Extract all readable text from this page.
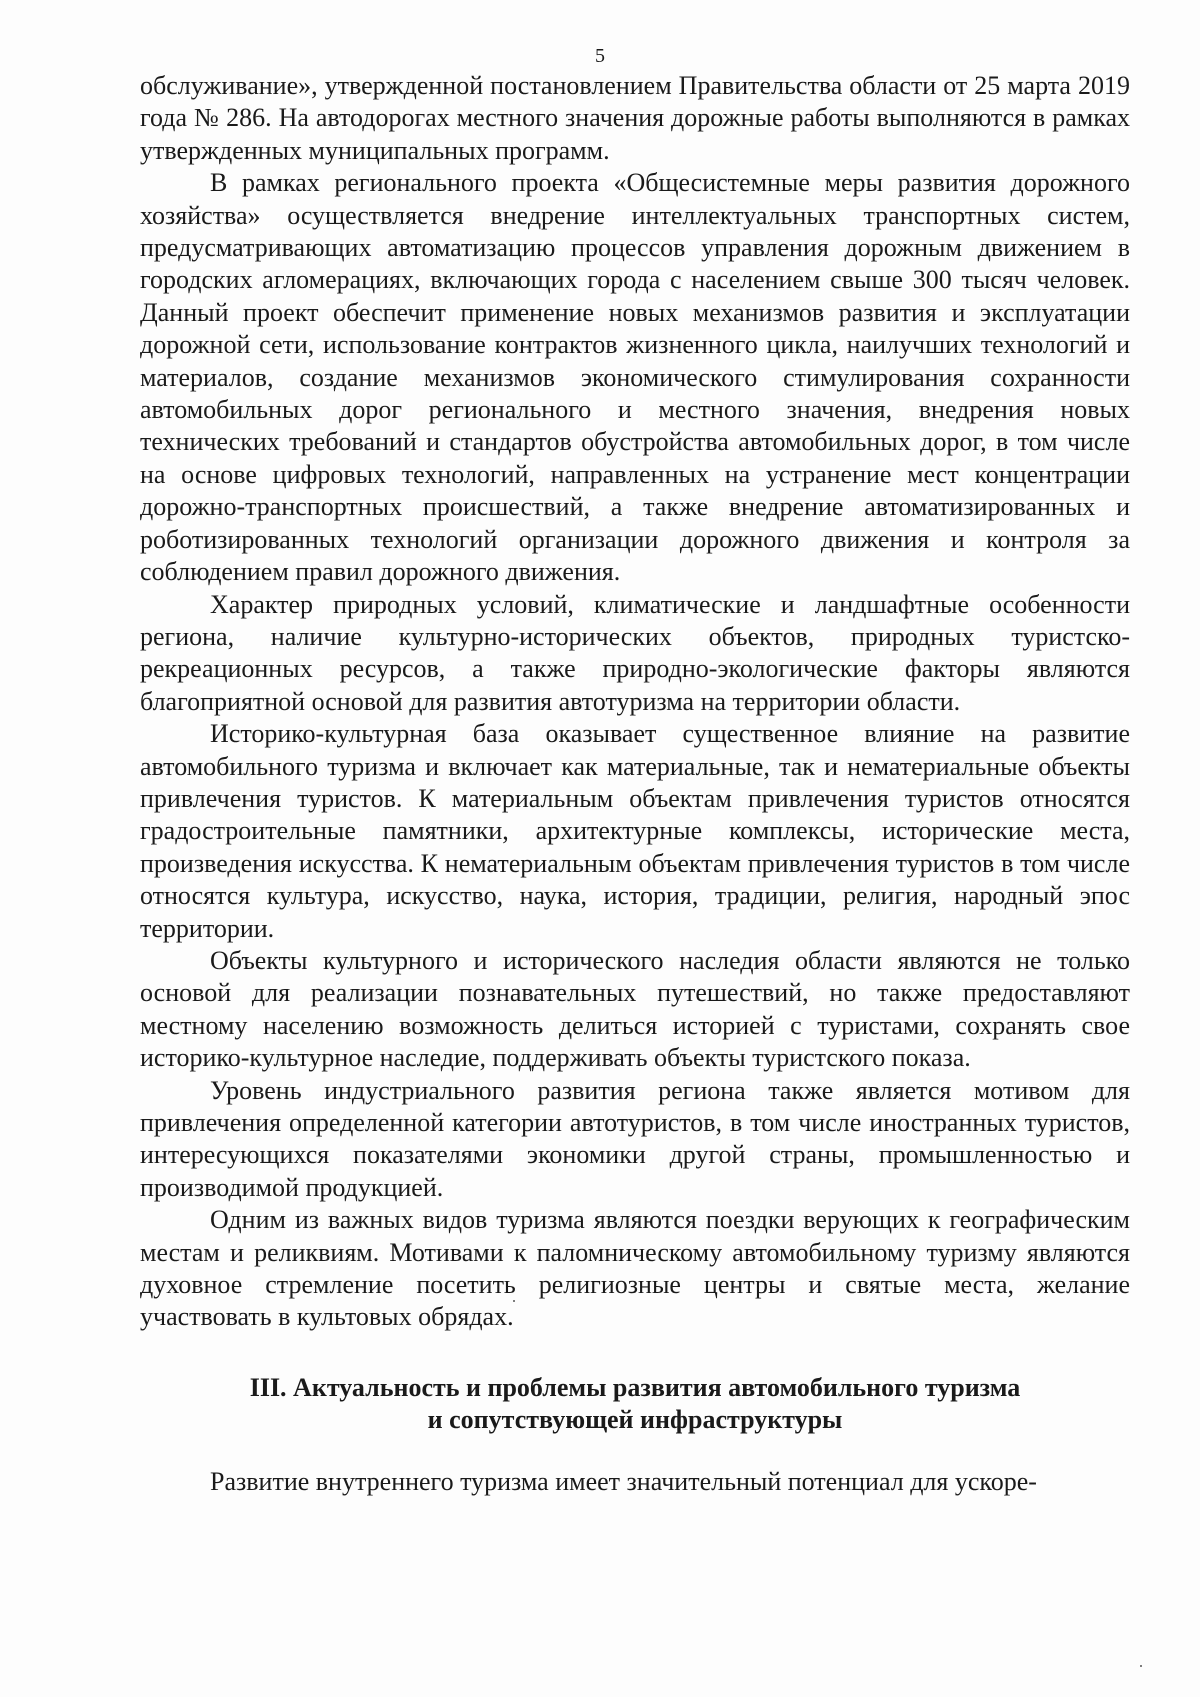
5

обслуживание», утвержденной постановлением Правительства области от 25 марта 2019 года № 286. На автодорогах местного значения дорожные работы выполняются в рамках утвержденных муниципальных программ.

В рамках регионального проекта «Общесистемные меры развития дорожного хозяйства» осуществляется внедрение интеллектуальных транспортных систем, предусматривающих автоматизацию процессов управления дорожным движением в городских агломерациях, включающих города с населением свыше 300 тысяч человек. Данный проект обеспечит применение новых механизмов развития и эксплуатации дорожной сети, использование контрактов жизненного цикла, наилучших технологий и материалов, создание механизмов экономического стимулирования сохранности автомобильных дорог регионального и местного значения, внедрения новых технических требований и стандартов обустройства автомобильных дорог, в том числе на основе цифровых технологий, направленных на устранение мест концентрации дорожно-транспортных происшествий, а также внедрение автоматизированных и роботизированных технологий организации дорожного движения и контроля за соблюдением правил дорожного движения.

Характер природных условий, климатические и ландшафтные особенности региона, наличие культурно-исторических объектов, природных туристско-рекреационных ресурсов, а также природно-экологические факторы являются благоприятной основой для развития автотуризма на территории области.

Историко-культурная база оказывает существенное влияние на развитие автомобильного туризма и включает как материальные, так и нематериальные объекты привлечения туристов. К материальным объектам привлечения туристов относятся градостроительные памятники, архитектурные комплексы, исторические места, произведения искусства. К нематериальным объектам привлечения туристов в том числе относятся культура, искусство, наука, история, традиции, религия, народный эпос территории.

Объекты культурного и исторического наследия области являются не только основой для реализации познавательных путешествий, но также предоставляют местному населению возможность делиться историей с туристами, сохранять свое историко-культурное наследие, поддерживать объекты туристского показа.

Уровень индустриального развития региона также является мотивом для привлечения определенной категории автотуристов, в том числе иностранных туристов, интересующихся показателями экономики другой страны, промышленностью и производимой продукцией.

Одним из важных видов туризма являются поездки верующих к географическим местам и реликвиям. Мотивами к паломническому автомобильному туризму являются духовное стремление посетить религиозные центры и святые места, желание участвовать в культовых обрядах.

III. Актуальность и проблемы развития автомобильного туризма
и сопутствующей инфраструктуры

Развитие внутреннего туризма имеет значительный потенциал для ускоре-
